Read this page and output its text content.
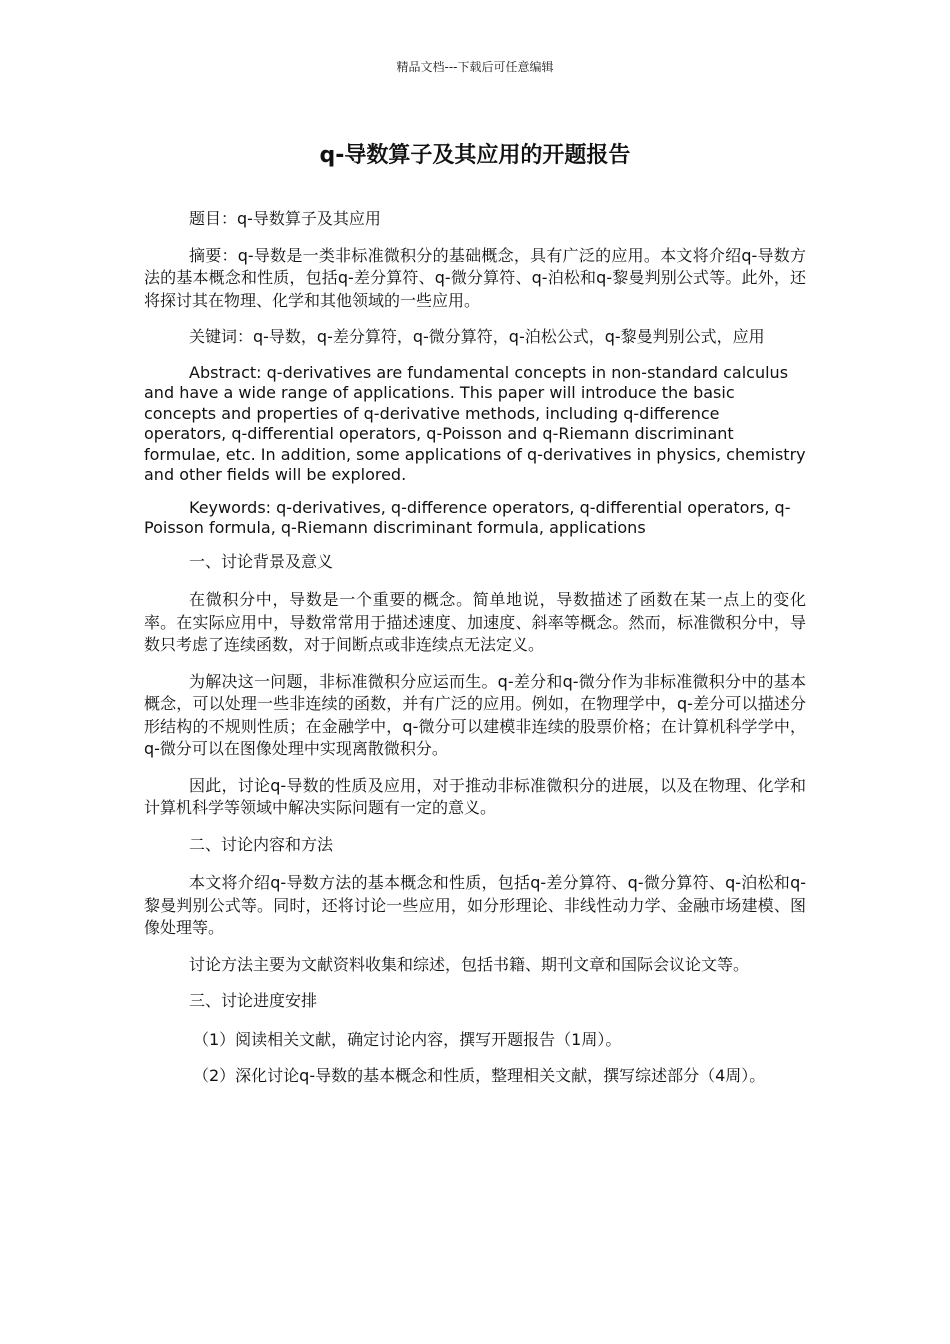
精品文档---下载后可任意编辑
q-导数算子及其应用的开题报告

题目：q-导数算子及其应用

摘要：q-导数是一类非标准微积分的基础概念，具有广泛的应用。本文将介绍q-导数方法的基本概念和性质，包括q-差分算符、q-微分算符、q-泊松和q-黎曼判别公式等。此外，还将探讨其在物理、化学和其他领域的一些应用。

关键词：q-导数，q-差分算符，q-微分算符，q-泊松公式，q-黎曼判别公式，应用

Abstract: q-derivatives are fundamental concepts in non-standard calculus and have a wide range of applications. This paper will introduce the basic concepts and properties of q-derivative methods, including q-difference operators, q-differential operators, q-Poisson and q-Riemann discriminant formulae, etc. In addition, some applications of q-derivatives in physics, chemistry and other fields will be explored.

Keywords: q-derivatives, q-difference operators, q-differential operators, q-Poisson formula, q-Riemann discriminant formula, applications

一、讨论背景及意义

在微积分中，导数是一个重要的概念。简单地说，导数描述了函数在某一点上的变化率。在实际应用中，导数常常用于描述速度、加速度、斜率等概念。然而，标准微积分中，导数只考虑了连续函数，对于间断点或非连续点无法定义。

为解决这一问题，非标准微积分应运而生。q-差分和q-微分作为非标准微积分中的基本概念，可以处理一些非连续的函数，并有广泛的应用。例如，在物理学中，q-差分可以描述分形结构的不规则性质；在金融学中，q-微分可以建模非连续的股票价格；在计算机科学学中，q-微分可以在图像处理中实现离散微积分。

因此，讨论q-导数的性质及应用，对于推动非标准微积分的进展，以及在物理、化学和计算机科学等领域中解决实际问题有一定的意义。

二、讨论内容和方法

本文将介绍q-导数方法的基本概念和性质，包括q-差分算符、q-微分算符、q-泊松和q-黎曼判别公式等。同时，还将讨论一些应用，如分形理论、非线性动力学、金融市场建模、图像处理等。

讨论方法主要为文献资料收集和综述，包括书籍、期刊文章和国际会议论文等。

三、讨论进度安排

（1）阅读相关文献，确定讨论内容，撰写开题报告（1周）。

（2）深化讨论q-导数的基本概念和性质，整理相关文献，撰写综述部分（4周）。
